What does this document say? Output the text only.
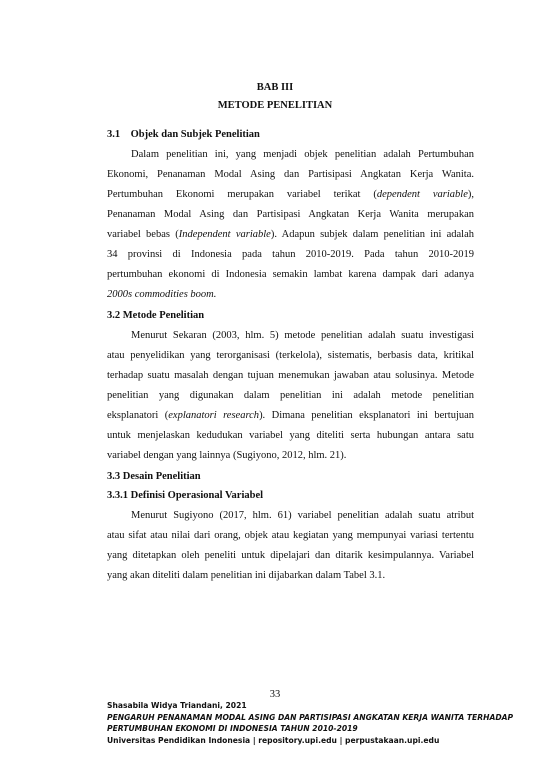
BAB III
METODE PENELITIAN
3.1    Objek dan Subjek Penelitian
Dalam penelitian ini, yang menjadi objek penelitian adalah Pertumbuhan
Ekonomi, Penanaman Modal Asing dan Partisipasi Angkatan Kerja Wanita.
Pertumbuhan Ekonomi merupakan variabel terikat (dependent variable),
Penanaman Modal Asing dan Partisipasi Angkatan Kerja Wanita merupakan
variabel bebas (Independent variable). Adapun subjek dalam penelitian ini adalah
34 provinsi di Indonesia pada tahun 2010-2019. Pada tahun 2010-2019
pertumbuhan ekonomi di Indonesia semakin lambat karena dampak dari adanya
2000s commodities boom.
3.2 Metode Penelitian
Menurut Sekaran (2003, hlm. 5) metode penelitian adalah suatu investigasi
atau penyelidikan yang terorganisasi (terkelola), sistematis, berbasis data, kritikal
terhadap suatu masalah dengan tujuan menemukan jawaban atau solusinya. Metode
penelitian yang digunakan dalam penelitian ini adalah metode penelitian
eksplanatori (explanatori research). Dimana penelitian eksplanatori ini bertujuan
untuk menjelaskan kedudukan variabel yang diteliti serta hubungan antara satu
variabel dengan yang lainnya (Sugiyono, 2012, hlm. 21).
3.3 Desain Penelitian
3.3.1 Definisi Operasional Variabel
Menurut Sugiyono (2017, hlm. 61) variabel penelitian adalah suatu atribut
atau sifat atau nilai dari orang, objek atau kegiatan yang mempunyai variasi tertentu
yang ditetapkan oleh peneliti untuk dipelajari dan ditarik kesimpulannya. Variabel
yang akan diteliti dalam penelitian ini dijabarkan dalam Tabel 3.1.
33
Shasabila Widya Triandani, 2021
PENGARUH PENANAMAN MODAL ASING DAN PARTISIPASI ANGKATAN KERJA WANITA TERHADAP
PERTUMBUHAN EKONOMI DI INDONESIA TAHUN 2010-2019
Universitas Pendidikan Indonesia | repository.upi.edu | perpustakaan.upi.edu
